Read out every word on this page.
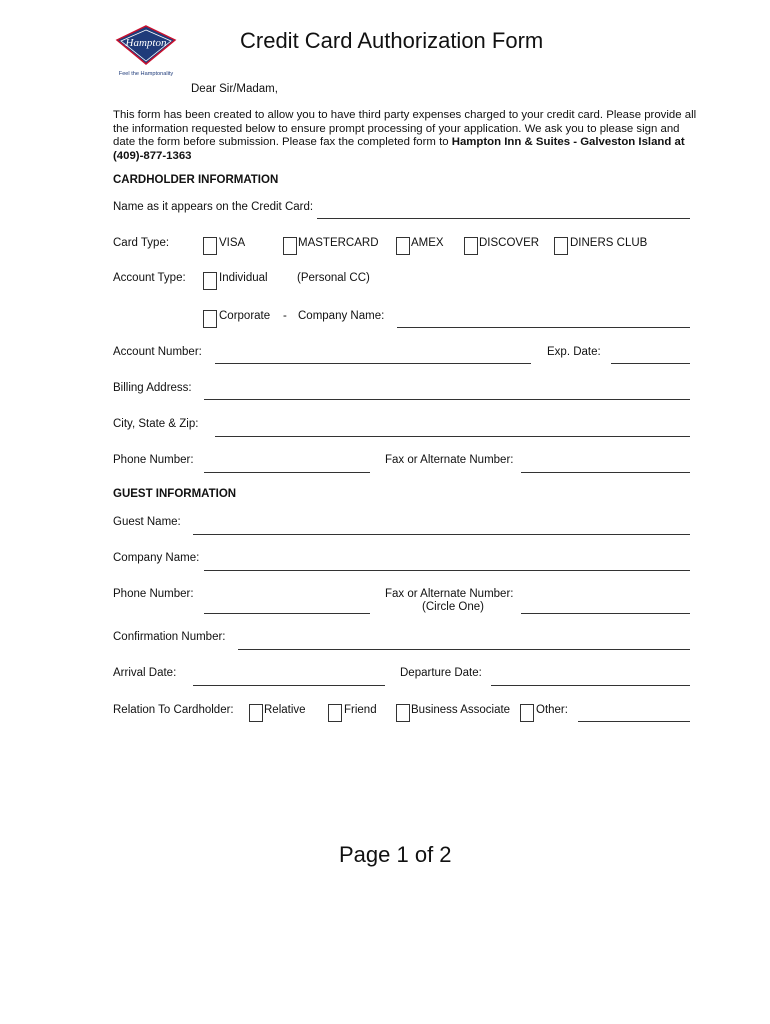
Hampton
Feel the Hamptonality
Credit Card Authorization Form
Dear Sir/Madam,
This form has been created to allow you to have third party expenses charged to your credit card. Please provide all the information requested below to ensure prompt processing of your application. We ask you to please sign and date the form before submission. Please fax the completed form to Hampton Inn & Suites - Galveston Island at (409)-877-1363
CARDHOLDER INFORMATION
Name as it appears on the Credit Card:
Card Type:	VISA	MASTERCARD	AMEX	DISCOVER	DINERS CLUB
Account Type:	Individual	(Personal CC)
Corporate - Company Name:
Account Number:	Exp. Date:
Billing Address:
City, State & Zip:
Phone Number:	Fax or Alternate Number:
GUEST INFORMATION
Guest Name:
Company Name:
Phone Number:	Fax or Alternate Number:
(Circle One)
Confirmation Number:
Arrival Date:	Departure Date:
Relation To Cardholder:	Relative	Friend	Business Associate Other:
Page 1 of 2
